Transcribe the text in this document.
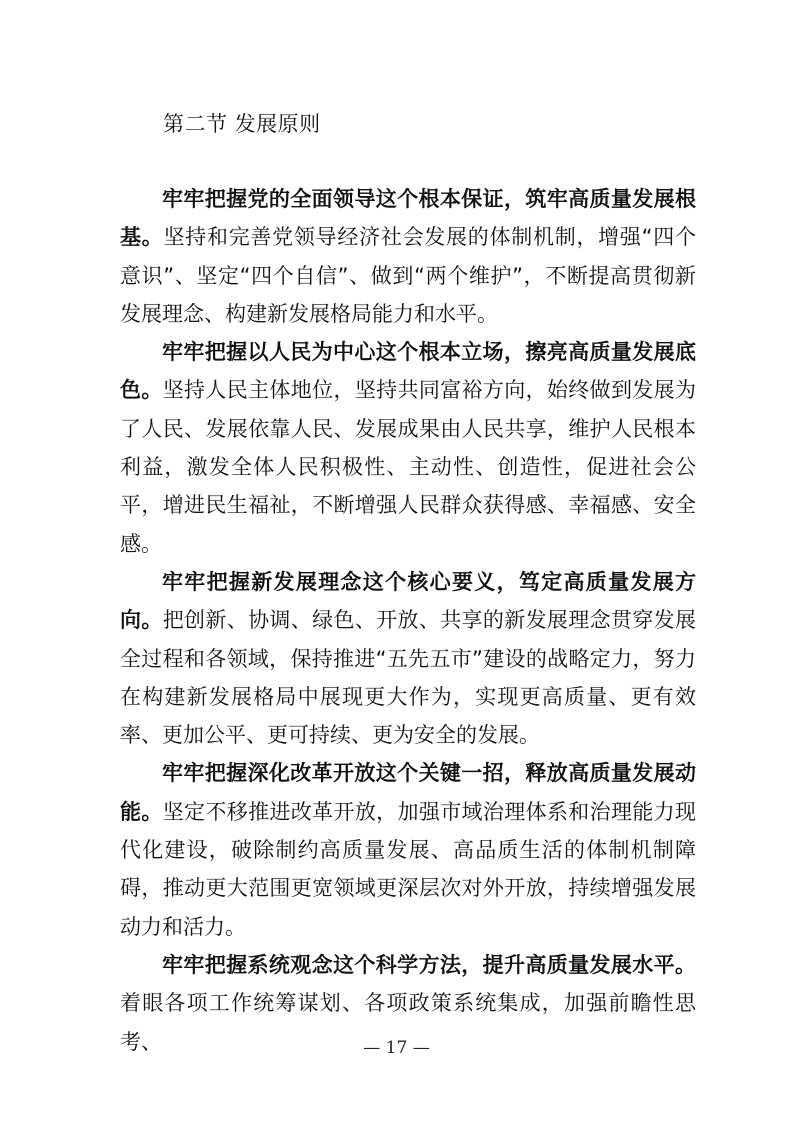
第二节 发展原则

牢牢把握党的全面领导这个根本保证，筑牢高质量发展根基。坚持和完善党领导经济社会发展的体制机制，增强“四个意识”、坚定“四个自信”、做到“两个维护”，不断提高贯彻新发展理念、构建新发展格局能力和水平。

牢牢把握以人民为中心这个根本立场，擦亮高质量发展底色。坚持人民主体地位，坚持共同富裕方向，始终做到发展为了人民、发展依靠人民、发展成果由人民共享，维护人民根本利益，激发全体人民积极性、主动性、创造性，促进社会公平，增进民生福祉，不断增强人民群众获得感、幸福感、安全感。

牢牢把握新发展理念这个核心要义，笃定高质量发展方向。把创新、协调、绿色、开放、共享的新发展理念贯穿发展全过程和各领域，保持推进“五先五市”建设的战略定力，努力在构建新发展格局中展现更大作为，实现更高质量、更有效率、更加公平、更可持续、更为安全的发展。

牢牢把握深化改革开放这个关键一招，释放高质量发展动能。坚定不移推进改革开放，加强市域治理体系和治理能力现代化建设，破除制约高质量发展、高品质生活的体制机制障碍，推动更大范围更宽领域更深层次对外开放，持续增强发展动力和活力。

牢牢把握系统观念这个科学方法，提升高质量发展水平。着眼各项工作统筹谋划、各项政策系统集成，加强前瞻性思考、	— 17 —
